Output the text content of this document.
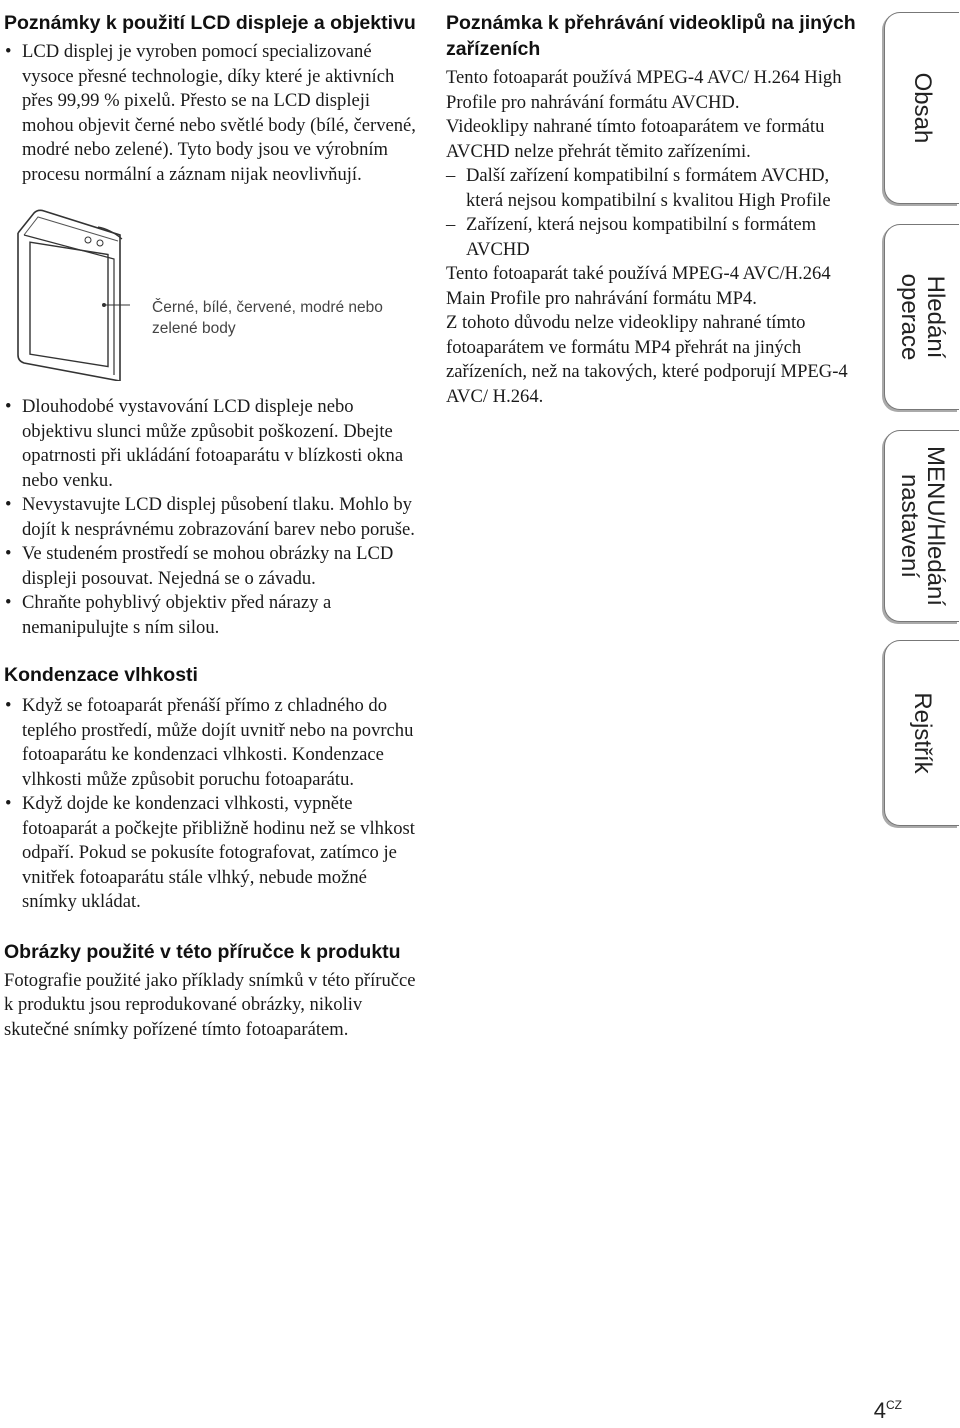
Poznámky k použití LCD displeje a objektivu
• LCD displej je vyroben pomocí specializované vysoce přesné technologie, díky které je aktivních přes 99,99 % pixelů. Přesto se na LCD displeji mohou objevit černé nebo světlé body (bílé, červené, modré nebo zelené). Tyto body jsou ve výrobním procesu normální a záznam nijak neovlivňují.
Černé, bílé, červené, modré nebo zelené body
• Dlouhodobé vystavování LCD displeje nebo objektivu slunci může způsobit poškození. Dbejte opatrnosti při ukládání fotoaparátu v blízkosti okna nebo venku.
• Nevystavujte LCD displej působení tlaku. Mohlo by dojít k nesprávnému zobrazování barev nebo poruše.
• Ve studeném prostředí se mohou obrázky na LCD displeji posouvat. Nejedná se o závadu.
• Chraňte pohyblivý objektiv před nárazy a nemanipulujte s ním silou.
Kondenzace vlhkosti
• Když se fotoaparát přenáší přímo z chladného do teplého prostředí, může dojít uvnitř nebo na povrchu fotoaparátu ke kondenzaci vlhkosti. Kondenzace vlhkosti může způsobit poruchu fotoaparátu.
• Když dojde ke kondenzaci vlhkosti, vypněte fotoaparát a počkejte přibližně hodinu než se vlhkost odpaří. Pokud se pokusíte fotografovat, zatímco je vnitřek fotoaparátu stále vlhký, nebude možné snímky ukládat.
Obrázky použité v této příručce k produktu

Fotografie použité jako příklady snímků v této příručce k produktu jsou reprodukované obrázky, nikoliv skutečné snímky pořízené tímto fotoaparátem.

Poznámka k přehrávání videoklipů na jiných zařízeních

Tento fotoaparát používá MPEG-4 AVC/ H.264 High Profile pro nahrávání formátu AVCHD.

Videoklipy nahrané tímto fotoaparátem ve formátu AVCHD nelze přehrát těmito zařízeními.

– Další zařízení kompatibilní s formátem AVCHD, která nejsou kompatibilní s kvalitou High Profile
– Zařízení, která nejsou kompatibilní s formátem AVCHD

Tento fotoaparát také používá MPEG-4 AVC/H.264 Main Profile pro nahrávání formátu MP4.

Z tohoto důvodu nelze videoklipy nahrané tímto fotoaparátem ve formátu MP4 přehrát na jiných zařízeních, než na takových, které podporují MPEG-4 AVC/ H.264.

Obsah
Hledání
operace
MENU/Hledání
nastavení
Rejstřík
$4^{CZ}$
